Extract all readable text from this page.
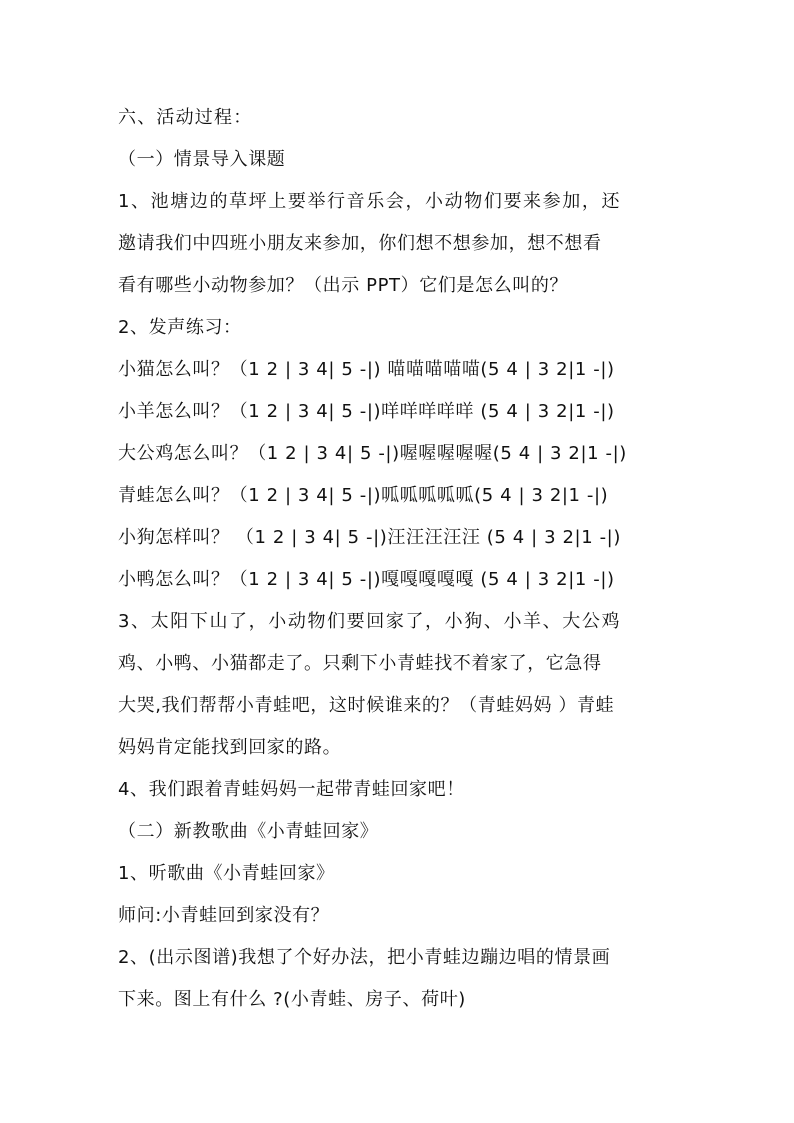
六、活动过程：
（一）情景导入课题
1、池塘边的草坪上要举行音乐会，小动物们要来参加，还
邀请我们中四班小朋友来参加，你们想不想参加，想不想看
看有哪些小动物参加？（出示 PPT）它们是怎么叫的？
2、发声练习：
小猫怎么叫？（1 2 | 3 4| 5 -|) 喵喵喵喵喵(5 4 | 3 2|1 -|)
小羊怎么叫？（1 2 | 3 4| 5 -|)咩咩咩咩咩 (5 4 | 3 2|1 -|)
大公鸡怎么叫？（1 2 | 3 4| 5 -|)喔喔喔喔喔(5 4 | 3 2|1 -|)
青蛙怎么叫？（1 2 | 3 4| 5 -|)呱呱呱呱呱(5 4 | 3 2|1 -|)
小狗怎样叫？ （1 2 | 3 4| 5 -|)汪汪汪汪汪 (5 4 | 3 2|1 -|)
小鸭怎么叫？（1 2 | 3 4| 5 -|)嘎嘎嘎嘎嘎 (5 4 | 3 2|1 -|)
3、太阳下山了，小动物们要回家了，小狗、小羊、大公鸡
鸡、小鸭、小猫都走了。只剩下小青蛙找不着家了，它急得
大哭,我们帮帮小青蛙吧，这时候谁来的？（青蛙妈妈 ）青蛙
妈妈肯定能找到回家的路。
4、我们跟着青蛙妈妈一起带青蛙回家吧！
（二）新教歌曲《小青蛙回家》
1、听歌曲《小青蛙回家》
师问:小青蛙回到家没有？
2、(出示图谱)我想了个好办法，把小青蛙边蹦边唱的情景画
下来。图上有什么 ?(小青蛙、房子、荷叶)
